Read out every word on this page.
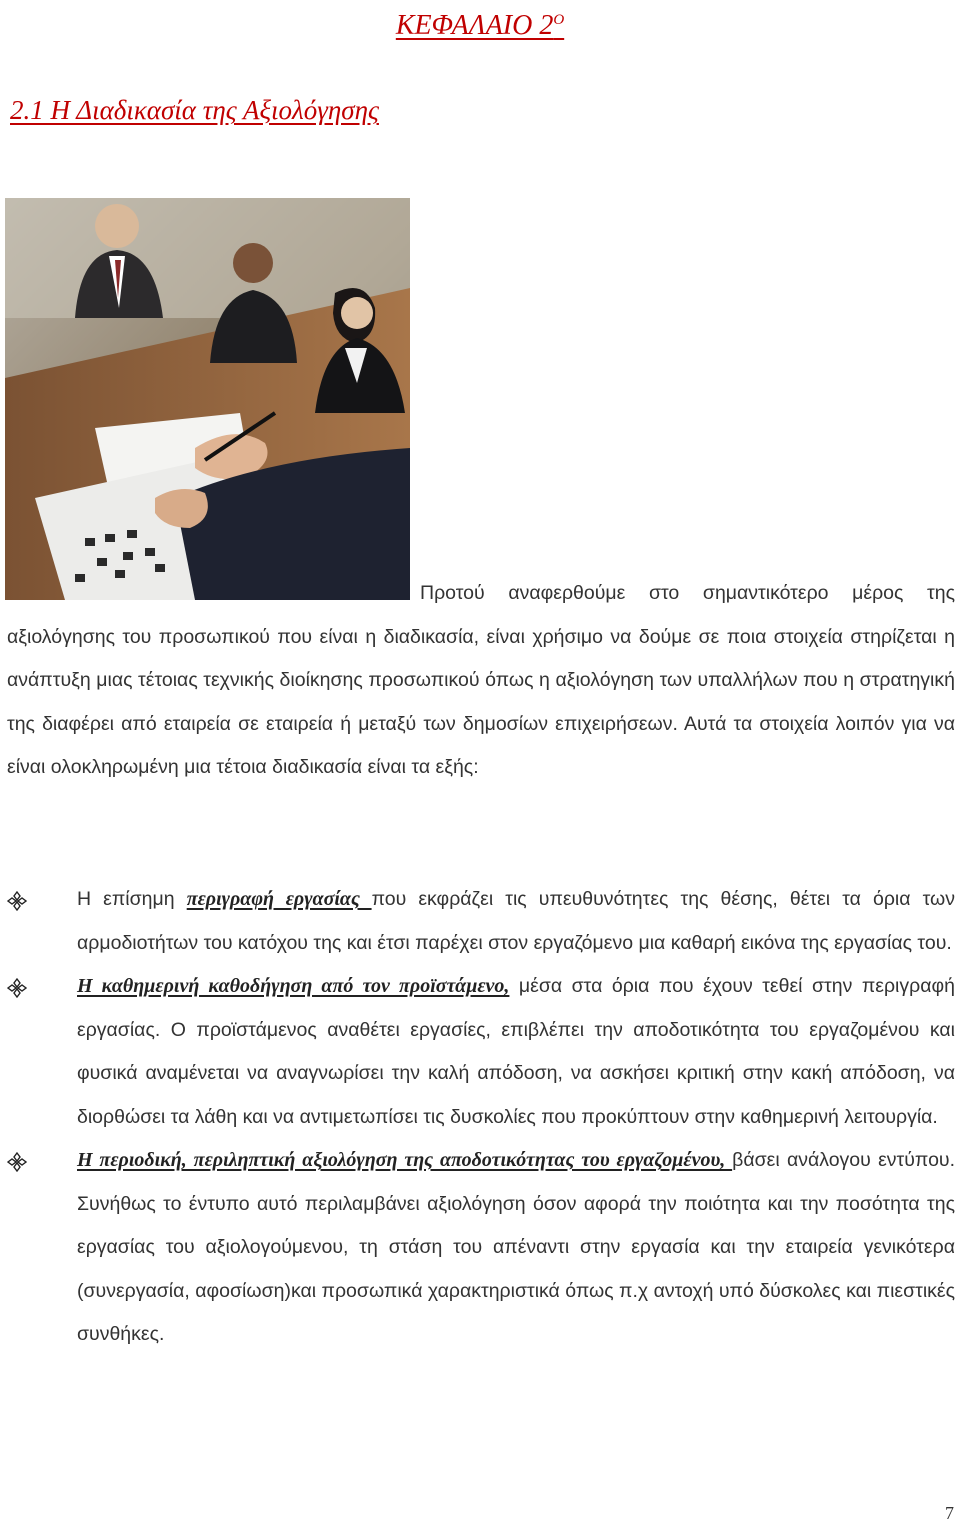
ΚΕΦΑΛΑΙΟ $2^O$
2.1 Η Διαδικασία της Αξιολόγησης

Προτού αναφερθούμε στο σημαντικότερο μέρος της αξιολόγησης του προσωπικού που είναι η διαδικασία, είναι χρήσιμο να δούμε σε ποια στοιχεία στηρίζεται η ανάπτυξη μιας τέτοιας τεχνικής διοίκησης προσωπικού όπως η αξιολόγηση των υπαλλήλων που η στρατηγική της διαφέρει από εταιρεία σε εταιρεία ή μεταξύ των δημοσίων επιχειρήσεων. Αυτά τα στοιχεία λοιπόν για να είναι ολοκληρωμένη μια τέτοια διαδικασία είναι τα εξής:

Η επίσημη περιγραφή εργασίας που εκφράζει τις υπευθυνότητες της θέσης, θέτει τα όρια των αρμοδιοτήτων του κατόχου της και έτσι παρέχει στον εργαζόμενο μια καθαρή εικόνα της εργασίας του.
Η καθημερινή καθοδήγηση από τον προϊστάμενο, μέσα στα όρια που έχουν τεθεί στην περιγραφή εργασίας. Ο προϊστάμενος αναθέτει εργασίες, επιβλέπει την αποδοτικότητα του εργαζομένου και φυσικά αναμένεται να αναγνωρίσει την καλή απόδοση, να ασκήσει κριτική στην κακή απόδοση, να διορθώσει τα λάθη και να αντιμετωπίσει τις δυσκολίες που προκύπτουν στην καθημερινή λειτουργία.
Η περιοδική, περιληπτική αξιολόγηση της αποδοτικότητας του εργαζομένου, βάσει ανάλογου εντύπου. Συνήθως το έντυπο αυτό περιλαμβάνει αξιολόγηση όσον αφορά την ποιότητα και την ποσότητα της εργασίας του αξιολογούμενου, τη στάση του απέναντι στην εργασία και την εταιρεία γενικότερα (συνεργασία, αφοσίωση)και προσωπικά χαρακτηριστικά όπως π.χ αντοχή υπό δύσκολες και πιεστικές συνθήκες.
7
